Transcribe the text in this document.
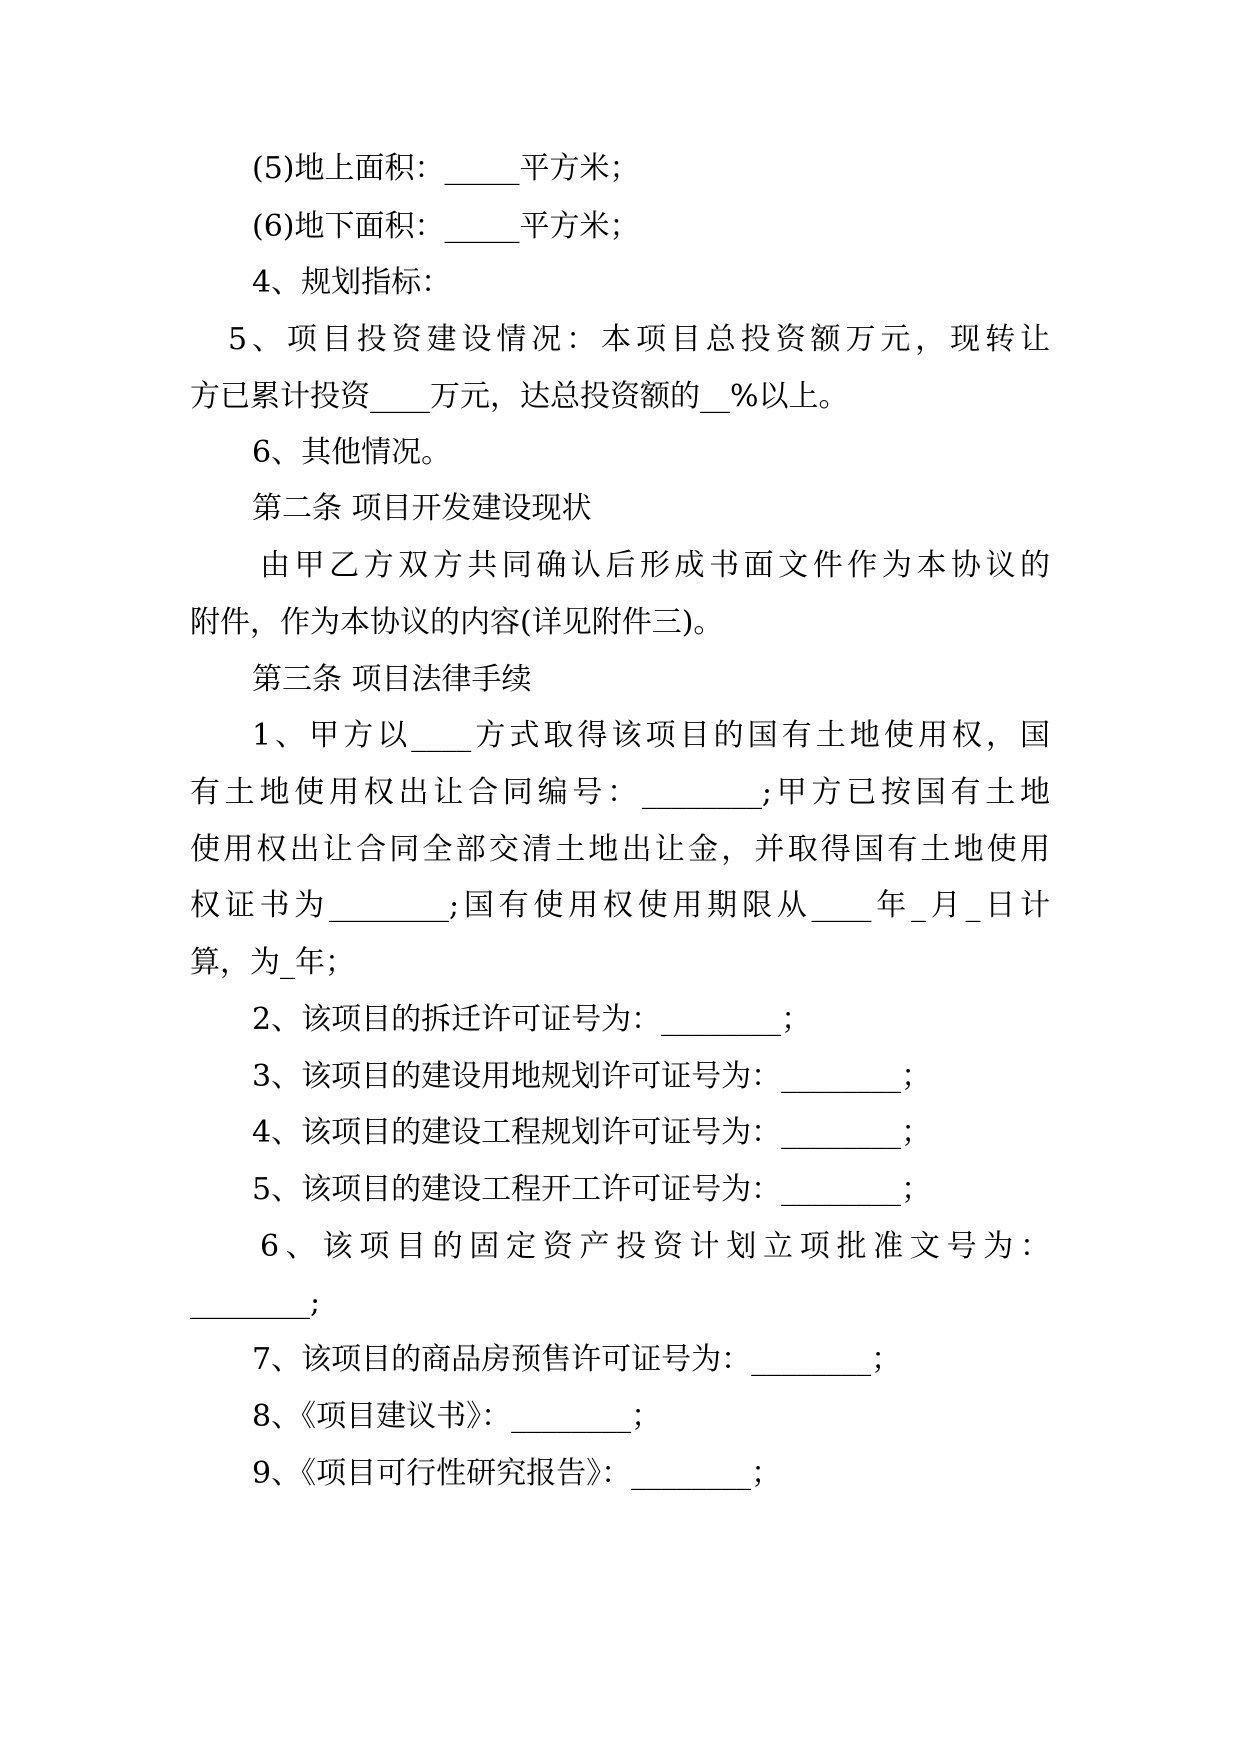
(5)地上面积：_____平方米；
(6)地下面积：_____平方米；
4、规划指标：
5、项目投资建设情况：本项目总投资额万元，现转让
方已累计投资____万元，达总投资额的__%以上。
6、其他情况。
第二条 项目开发建设现状
由甲乙方双方共同确认后形成书面文件作为本协议的
附件，作为本协议的内容(详见附件三)。
第三条 项目法律手续
1、甲方以____方式取得该项目的国有土地使用权，国
有土地使用权出让合同编号：________;甲方已按国有土地
使用权出让合同全部交清土地出让金，并取得国有土地使用
权证书为________;国有使用权使用期限从____年_月_日计
算，为_年；
2、该项目的拆迁许可证号为：________；
3、该项目的建设用地规划许可证号为：________；
4、该项目的建设工程规划许可证号为：________；
5、该项目的建设工程开工许可证号为：________；
6、该项目的固定资产投资计划立项批准文号为：
________;
7、该项目的商品房预售许可证号为：________；
8、《项目建议书》：________；
9、《项目可行性研究报告》：________；
